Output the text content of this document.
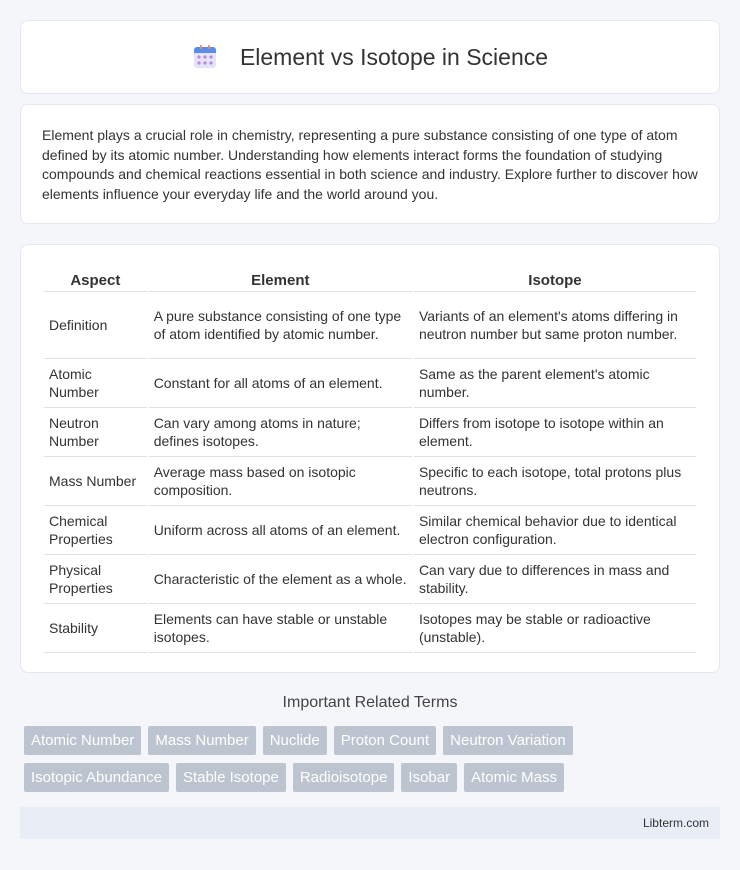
Element vs Isotope in Science

Element plays a crucial role in chemistry, representing a pure substance consisting of one type of atom defined by its atomic number. Understanding how elements interact forms the foundation of studying compounds and chemical reactions essential in both science and industry. Explore further to discover how elements influence your everyday life and the world around you.

Aspect	Element	Isotope
Definition	A pure substance consisting of one type of atom identified by atomic number.	Variants of an element's atoms differing in neutron number but same proton number.
Atomic Number	Constant for all atoms of an element.	Same as the parent element's atomic number.
Neutron Number	Can vary among atoms in nature; defines isotopes.	Differs from isotope to isotope within an element.
Mass Number	Average mass based on isotopic composition.	Specific to each isotope, total protons plus neutrons.
Chemical Properties	Uniform across all atoms of an element.	Similar chemical behavior due to identical electron configuration.
Physical Properties	Characteristic of the element as a whole.	Can vary due to differences in mass and stability.
Stability	Elements can have stable or unstable isotopes.	Isotopes may be stable or radioactive (unstable).
Important Related Terms
Atomic Number	Mass Number	Nuclide	Proton Count	Neutron Variation
Isotopic Abundance	Stable Isotope	Radioisotope	Isobar	Atomic Mass
Libterm.com
